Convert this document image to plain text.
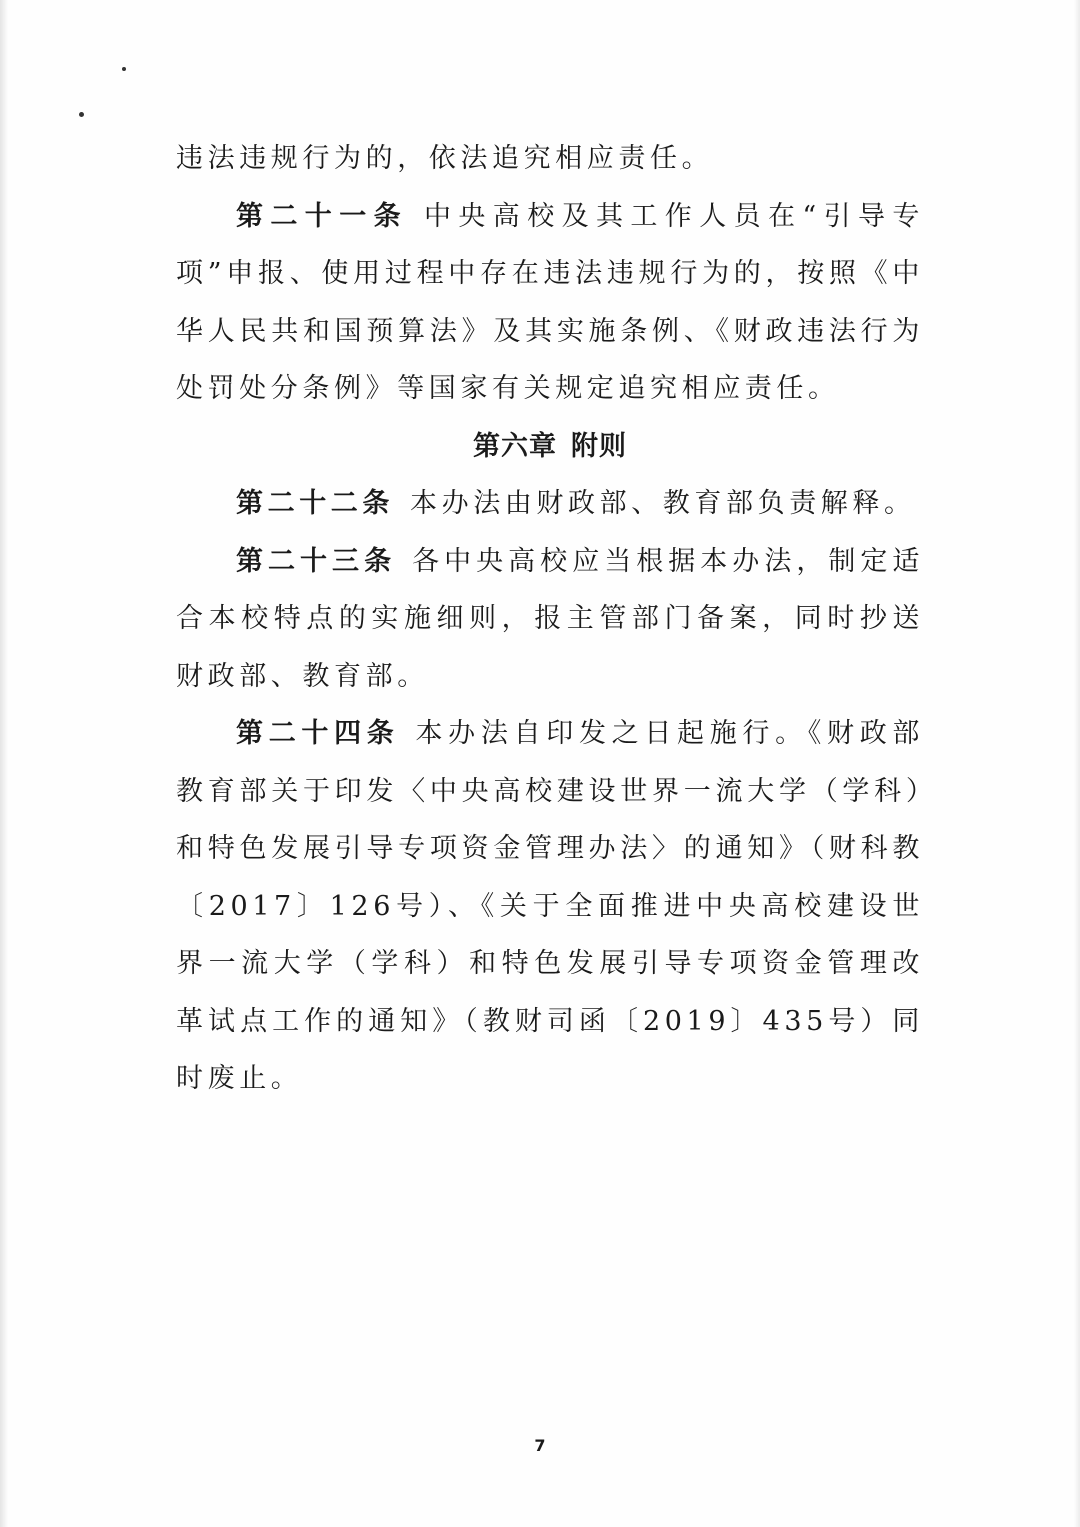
违法违规行为的，依法追究相应责任。

第二十一条 中央高校及其工作人员在“引导专项”申报、使用过程中存在违法违规行为的，按照《中华人民共和国预算法》及其实施条例、《财政违法行为处罚处分条例》等国家有关规定追究相应责任。

第六章 附则

第二十二条 本办法由财政部、教育部负责解释。

第二十三条 各中央高校应当根据本办法，制定适合本校特点的实施细则，报主管部门备案，同时抄送财政部、教育部。

第二十四条 本办法自印发之日起施行。《财政部 教育部关于印发〈中央高校建设世界一流大学（学科）和特色发展引导专项资金管理办法〉的通知》（财科教〔2017〕126号）、《关于全面推进中央高校建设世界一流大学（学科）和特色发展引导专项资金管理改革试点工作的通知》（教财司函〔2019〕435号）同时废止。

7
